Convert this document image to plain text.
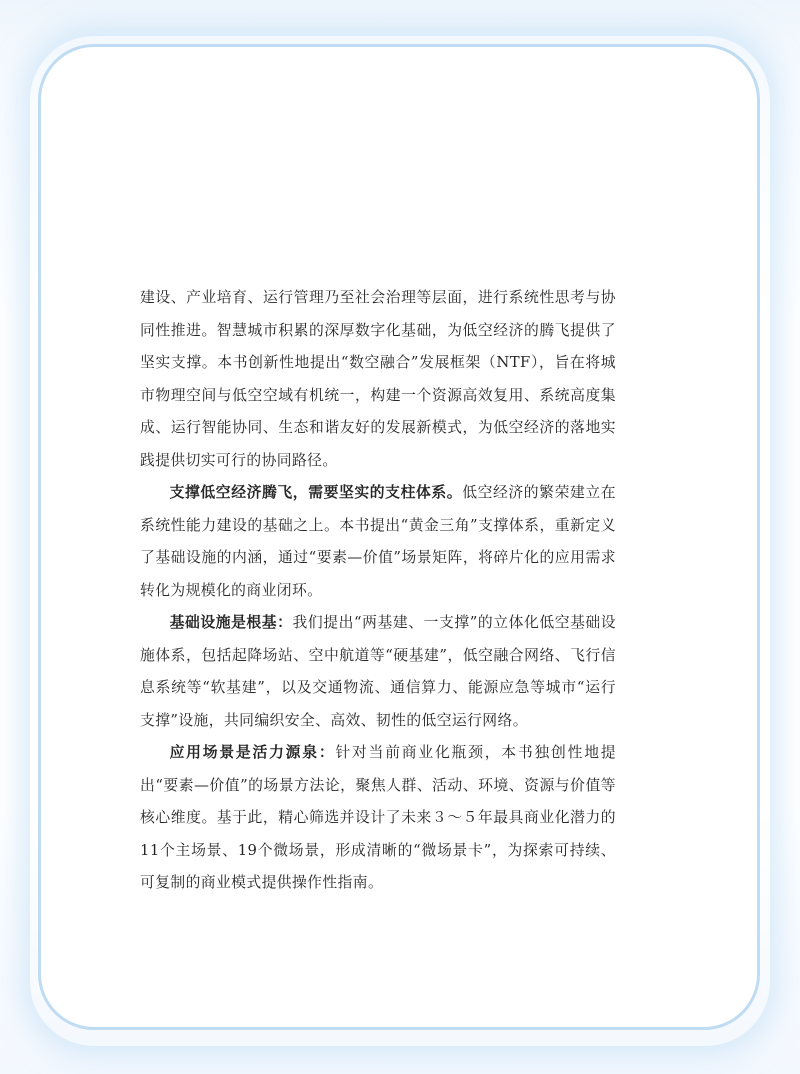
建设、产业培育、运行管理乃至社会治理等层面，进行系统性思考与协同性推进。智慧城市积累的深厚数字化基础，为低空经济的腾飞提供了坚实支撑。本书创新性地提出“数空融合”发展框架（NTF），旨在将城市物理空间与低空空域有机统一，构建一个资源高效复用、系统高度集成、运行智能协同、生态和谐友好的发展新模式，为低空经济的落地实践提供切实可行的协同路径。

支撑低空经济腾飞，需要坚实的支柱体系。低空经济的繁荣建立在系统性能力建设的基础之上。本书提出“黄金三角”支撑体系，重新定义了基础设施的内涵，通过“要素—价值”场景矩阵，将碎片化的应用需求转化为规模化的商业闭环。

基础设施是根基：我们提出“两基建、一支撑”的立体化低空基础设施体系，包括起降场站、空中航道等“硬基建”，低空融合网络、飞行信息系统等“软基建”，以及交通物流、通信算力、能源应急等城市“运行支撑”设施，共同编织安全、高效、韧性的低空运行网络。

应用场景是活力源泉：针对当前商业化瓶颈，本书独创性地提出“要素—价值”的场景方法论，聚焦人群、活动、环境、资源与价值等核心维度。基于此，精心筛选并设计了未来３～５年最具商业化潜力的11个主场景、19个微场景，形成清晰的“微场景卡”，为探索可持续、可复制的商业模式提供操作性指南。
